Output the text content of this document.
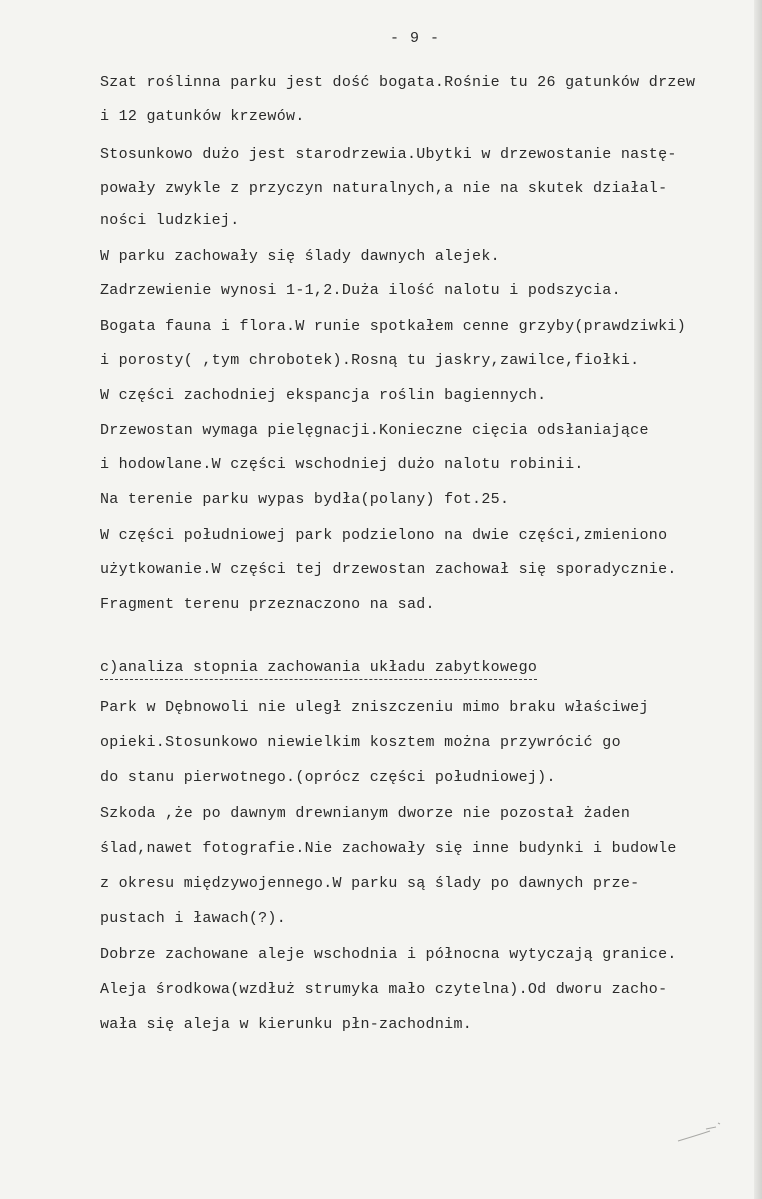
- 9 -
Szat roślinna parku jest dość bogata.Rośnie tu 26 gatunków drzew
i 12 gatunków krzewów.
Stosunkowo dużo jest starodrzewia.Ubytki w drzewostanie nastę-
powały zwykle z przyczyn naturalnych,a nie na skutek działal-
ności ludzkiej.
W parku zachowały się ślady dawnych alejek.
Zadrzewienie wynosi 1-1,2.Duża ilość nalotu i podszycia.
Bogata fauna i flora.W runie spotkałem cenne grzyby(prawdziwki)
i porosty( ,tym chrobotek).Rosną tu jaskry,zawilce,fiołki.
W części zachodniej ekspancja roślin bagiennych.
Drzewostan wymaga pielęgnacji.Konieczne cięcia odsłaniające
i hodowlane.W części wschodniej dużo nalotu robinii.
Na terenie parku wypas bydła(polany) fot.25.
W części południowej park podzielono na dwie części,zmieniono
użytkowanie.W części tej drzewostan zachował się sporadycznie.
Fragment terenu przeznaczono na sad.
c)analiza stopnia zachowania układu zabytkowego
Park w Dębnowoli nie uległ zniszczeniu mimo braku właściwej
opieki.Stosunkowo niewielkim kosztem można przywrócić go
do stanu pierwotnego.(oprócz części południowej).
Szkoda ,że po dawnym drewnianym dworze nie pozostał żaden
ślad,nawet fotografie.Nie zachowały się inne budynki i budowle
z okresu międzywojennego.W parku są ślady po dawnych prze-
pustach i ławach(?).
Dobrze zachowane aleje wschodnia i północna wytyczają granice.
Aleja środkowa(wzdłuż strumyka mało czytelna).Od dworu zacho-
wała się aleja w kierunku płn-zachodnim.
